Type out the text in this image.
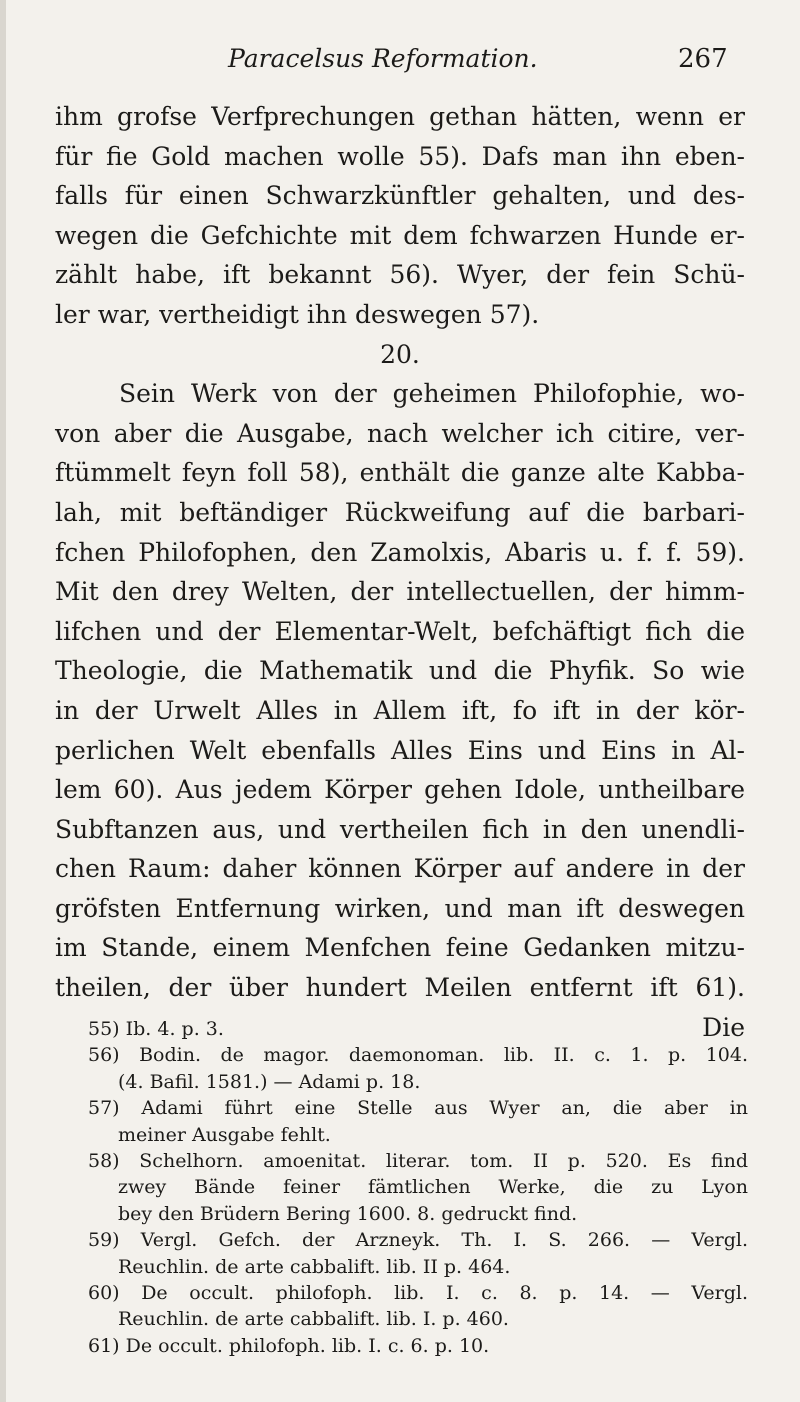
Paracelsus Reformation.	267

ihm grofse Verfprechungen gethan hätten, wenn er
für fie Gold machen wolle 55). Dafs man ihn eben-
falls für einen Schwarzkünftler gehalten, und des-
wegen die Gefchichte mit dem fchwarzen Hunde er-
zählt habe, ift bekannt 56). Wyer, der fein Schü-
ler war, vertheidigt ihn deswegen 57).
20.
Sein Werk von der geheimen Philofophie, wo-
von aber die Ausgabe, nach welcher ich citire, ver-
ftümmelt feyn foll 58), enthält die ganze alte Kabba-
lah, mit beftändiger Rückweifung auf die barbari-
fchen Philofophen, den Zamolxis, Abaris u. f. f. 59).
Mit den drey Welten, der intellectuellen, der himm-
lifchen und der Elementar-Welt, befchäftigt fich die
Theologie, die Mathematik und die Phyfik. So wie
in der Urwelt Alles in Allem ift, fo ift in der kör-
perlichen Welt ebenfalls Alles Eins und Eins in Al-
lem 60). Aus jedem Körper gehen Idole, untheilbare
Subftanzen aus, und vertheilen fich in den unendli-
chen Raum: daher können Körper auf andere in der
gröfsten Entfernung wirken, und man ift deswegen
im Stande, einem Menfchen feine Gedanken mitzu-
theilen, der über hundert Meilen entfernt ift 61).
Die

55) Ib. 4. p. 3.
56) Bodin. de magor. daemonoman. lib. II. c. 1. p. 104.
(4. Bafil. 1581.) — Adami p. 18.
57) Adami führt eine Stelle aus Wyer an, die aber in
meiner Ausgabe fehlt.
58) Schelhorn. amoenitat. literar. tom. II p. 520. Es find
zwey Bände feiner fämtlichen Werke, die zu Lyon
bey den Brüdern Bering 1600. 8. gedruckt find.
59) Vergl. Gefch. der Arzneyk. Th. I. S. 266. — Vergl.
Reuchlin. de arte cabbalift. lib. II p. 464.
60) De occult. philofoph. lib. I. c. 8. p. 14. — Vergl.
Reuchlin. de arte cabbalift. lib. I. p. 460.
61) De occult. philofoph. lib. I. c. 6. p. 10.
